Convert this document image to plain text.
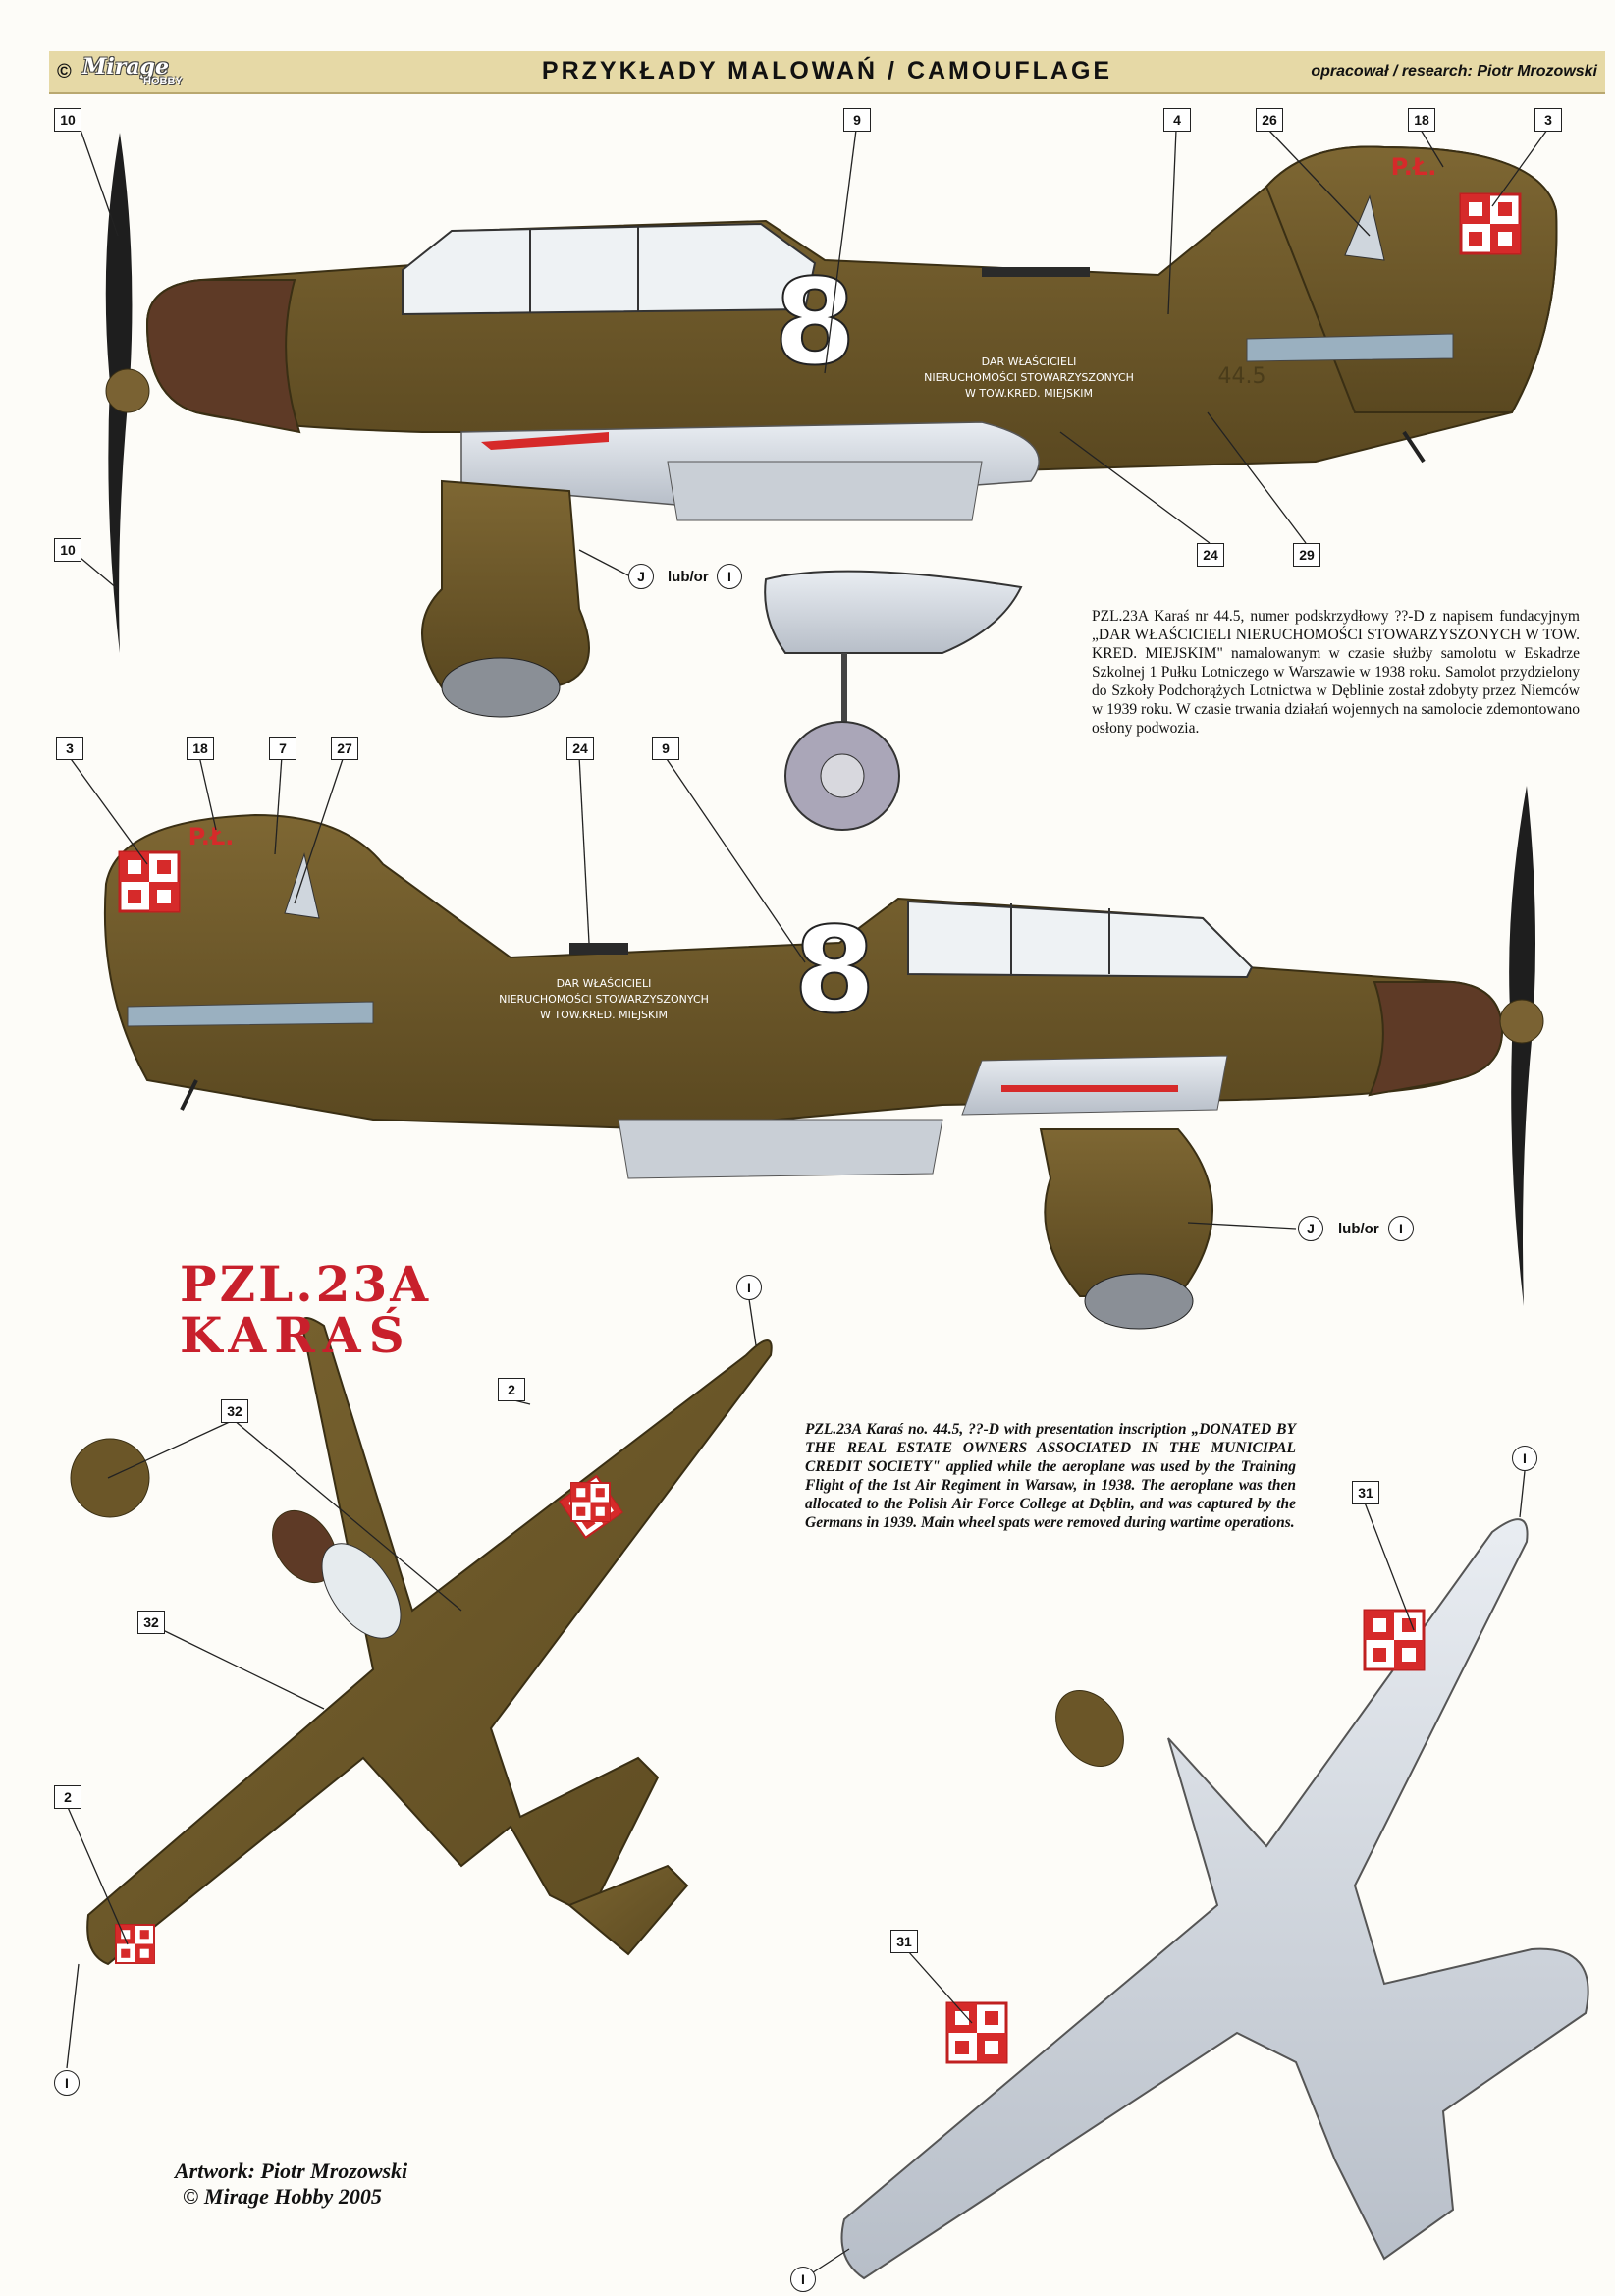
© Mirage
HOBBY	PRZYKŁADY MALOWAŃ / CAMOUFLAGE	opracował / research: Piotr Mrozowski
8	DAR WŁAŚCICIELI
NIERUCHOMOŚCI STOWARZYSZONYCH
W TOW.KRED. MIEJSKIM
44.5
P.Ł.
8
DAR WŁAŚCICIELI
NIERUCHOMOŚCI STOWARZYSZONYCH
W TOW.KRED. MIEJSKIM
P.Ł.
10
10
9	4	26	18	3
24	29
J	lub/or	I
3	18	7	27	24	9
J	lub/or	I
I
2
32
32
2
I
I
31
31
I
PZL.23A Karaś nr 44.5, numer podskrzydłowy ??-D z napisem fundacyjnym „DAR WŁAŚCICIELI NIERUCHOMOŚCI STOWARZYSZONYCH W TOW. KRED. MIEJSKIM" namalowanym w czasie służby samolotu w Eskadrze Szkolnej 1 Pułku Lotniczego w Warszawie w 1938 roku. Samolot przydzielony do Szkoły Podchorążych Lotnictwa w Dęblinie został zdobyty przez Niemców w 1939 roku. W czasie trwania działań wojennych na samolocie zdemontowano osłony podwozia.
PZL.23A
KARAŚ
PZL.23A Karaś no. 44.5, ??-D with presentation inscription „DONATED BY THE REAL ESTATE OWNERS ASSOCIATED IN THE MUNICIPAL CREDIT SOCIETY" applied while the aeroplane was used by the Training Flight of the 1st Air Regiment in Warsaw, in 1938. The aeroplane was then allocated to the Polish Air Force College at Dęblin, and was captured by the Germans in 1939. Main wheel spats were removed during wartime operations.
Artwork: Piotr Mrozowski
© Mirage Hobby 2005
